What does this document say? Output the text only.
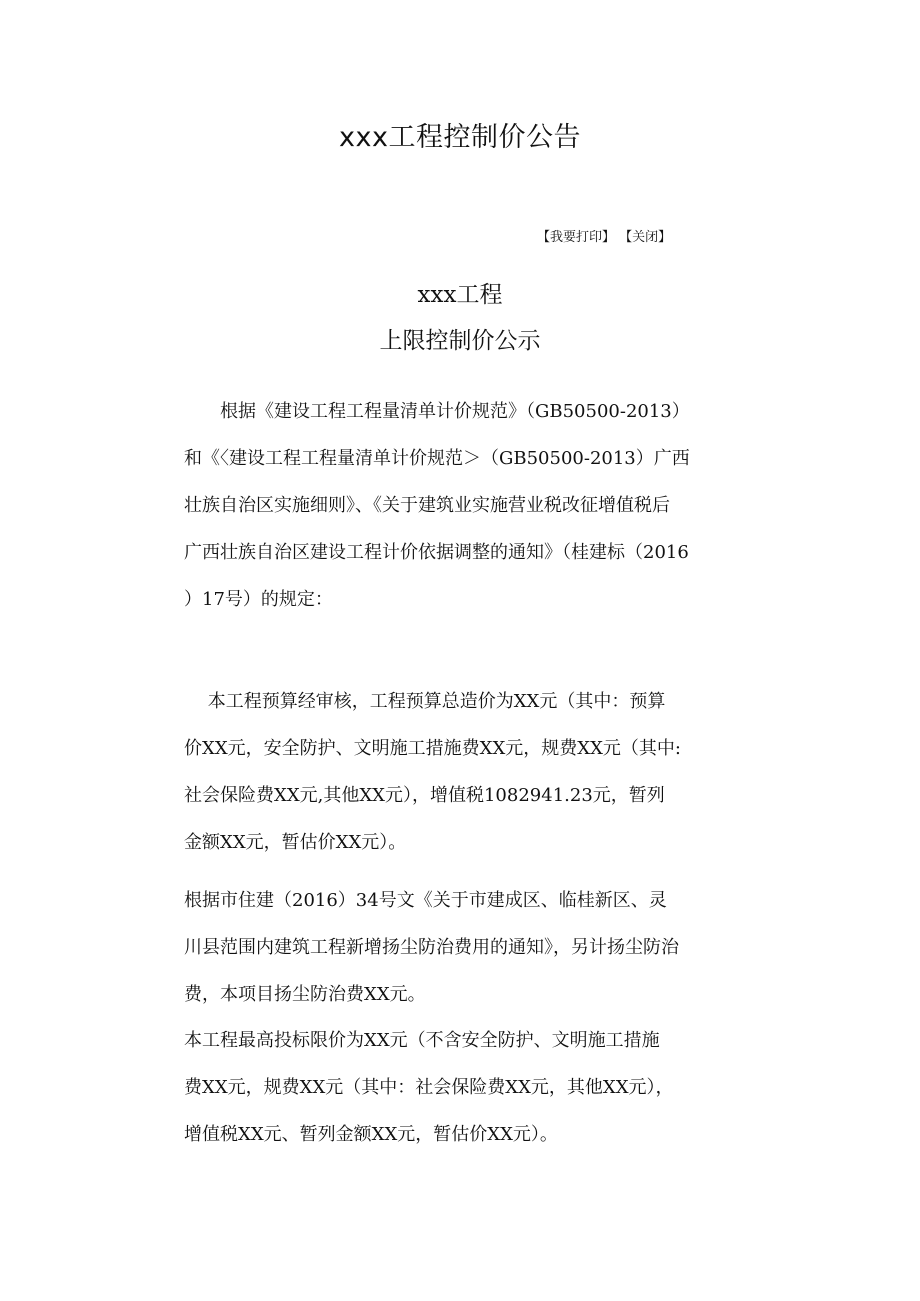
xxx工程控制价公告
【我要打印】 【关闭】
xxx工程
上限控制价公示
　　根据《建设工程工程量清单计价规范》（GB50500-2013）
和《〈建设工程工程量清单计价规范＞（GB50500-2013）广西
壮族自治区实施细则》、《关于建筑业实施营业税改征增值税后
广西壮族自治区建设工程计价依据调整的通知》（桂建标（2016
）17号）的规定：
　 本工程预算经审核，工程预算总造价为XX元（其中：预算
价XX元，安全防护、文明施工措施费XX元，规费XX元（其中:
社会保险费XX元,其他XX元），增值税1082941.23元，暂列
金额XX元，暂估价XX元）。
根据市住建（2016）34号文《关于市建成区、临桂新区、灵
川县范围内建筑工程新增扬尘防治费用的通知》，另计扬尘防治
费，本项目扬尘防治费XX元。
本工程最高投标限价为XX元（不含安全防护、文明施工措施
费XX元，规费XX元（其中：社会保险费XX元，其他XX元），
增值税XX元、暂列金额XX元，暂估价XX元）。
